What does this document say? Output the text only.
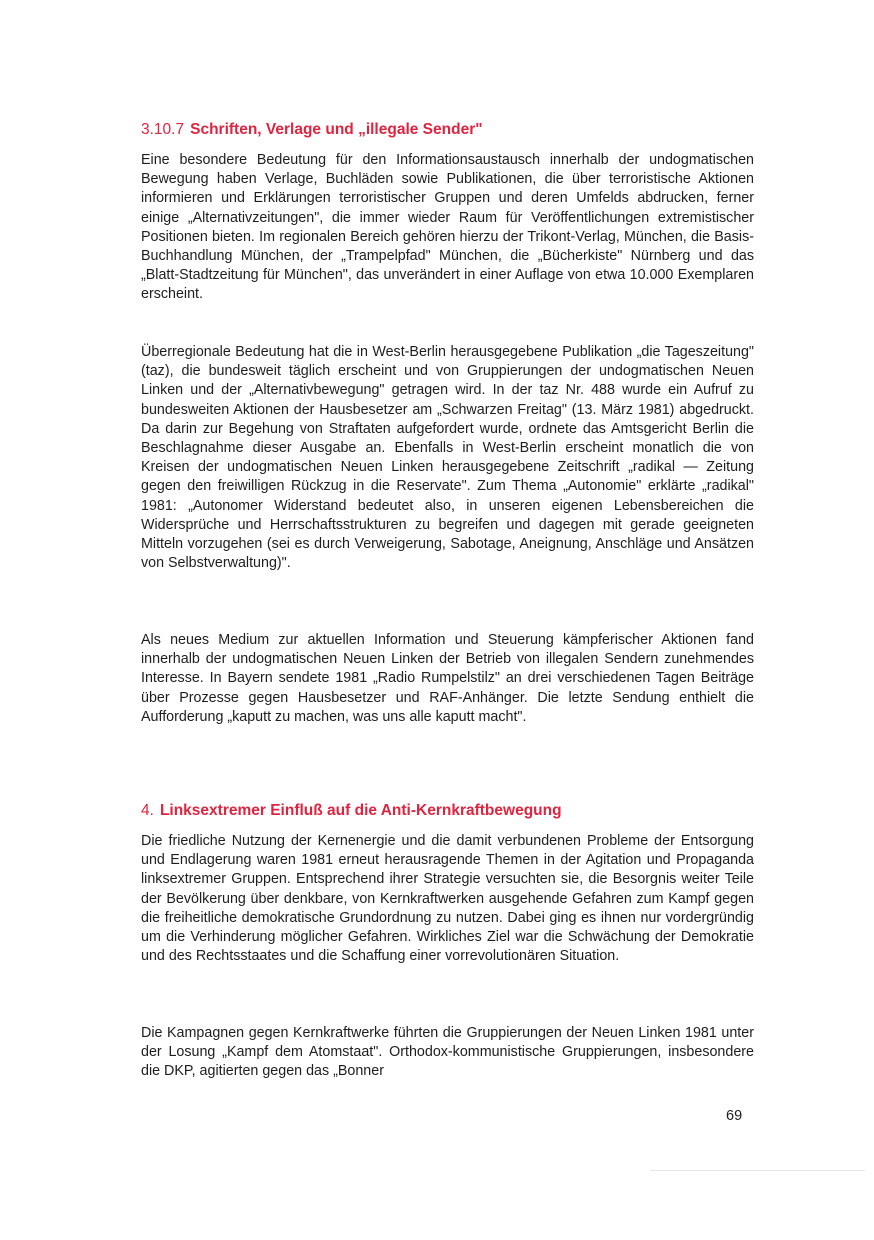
3.10.7 Schriften, Verlage und „illegale Sender"

Eine besondere Bedeutung für den Informationsaustausch innerhalb der undogmatischen Bewegung haben Verlage, Buchläden sowie Publikationen, die über terroristische Aktionen informieren und Erklärungen terroristischer Gruppen und deren Umfelds abdrucken, ferner einige „Alternativzeitungen", die immer wieder Raum für Veröffentlichungen extremistischer Positionen bieten. Im regionalen Bereich gehören hierzu der Trikont-Verlag, München, die Basis-Buchhandlung München, der „Trampelpfad" München, die „Bücherkiste" Nürnberg und das „Blatt-Stadtzeitung für München", das unverändert in einer Auflage von etwa 10.000 Exemplaren erscheint.

Überregionale Bedeutung hat die in West-Berlin herausgegebene Publikation „die Tageszeitung" (taz), die bundesweit täglich erscheint und von Gruppierungen der undogmatischen Neuen Linken und der „Alternativbewegung" getragen wird. In der taz Nr. 488 wurde ein Aufruf zu bundesweiten Aktionen der Hausbesetzer am „Schwarzen Freitag" (13. März 1981) abgedruckt. Da darin zur Begehung von Straftaten aufgefordert wurde, ordnete das Amtsgericht Berlin die Beschlagnahme dieser Ausgabe an. Ebenfalls in West-Berlin erscheint monatlich die von Kreisen der undogmatischen Neuen Linken herausgegebene Zeitschrift „radikal — Zeitung gegen den freiwilligen Rückzug in die Reservate". Zum Thema „Autonomie" erklärte „radikal" 1981: „Autonomer Widerstand bedeutet also, in unseren eigenen Lebensbereichen die Widersprüche und Herrschaftsstrukturen zu begreifen und dagegen mit gerade geeigneten Mitteln vorzugehen (sei es durch Verweigerung, Sabotage, Aneignung, Anschläge und Ansätzen von Selbstverwaltung)".

Als neues Medium zur aktuellen Information und Steuerung kämpferischer Aktionen fand innerhalb der undogmatischen Neuen Linken der Betrieb von illegalen Sendern zunehmendes Interesse. In Bayern sendete 1981 „Radio Rumpelstilz" an drei verschiedenen Tagen Beiträge über Prozesse gegen Hausbesetzer und RAF-Anhänger. Die letzte Sendung enthielt die Aufforderung „kaputt zu machen, was uns alle kaputt macht".

4. Linksextremer Einfluß auf die Anti-Kernkraftbewegung

Die friedliche Nutzung der Kernenergie und die damit verbundenen Probleme der Entsorgung und Endlagerung waren 1981 erneut herausragende Themen in der Agitation und Propaganda linksextremer Gruppen. Entsprechend ihrer Strategie versuchten sie, die Besorgnis weiter Teile der Bevölkerung über denkbare, von Kernkraftwerken ausgehende Gefahren zum Kampf gegen die freiheitliche demokratische Grundordnung zu nutzen. Dabei ging es ihnen nur vordergründig um die Verhinderung möglicher Gefahren. Wirkliches Ziel war die Schwächung der Demokratie und des Rechtsstaates und die Schaffung einer vorrevolutionären Situation.

Die Kampagnen gegen Kernkraftwerke führten die Gruppierungen der Neuen Linken 1981 unter der Losung „Kampf dem Atomstaat". Orthodox-kommunistische Gruppierungen, insbesondere die DKP, agitierten gegen das „Bonner

69
